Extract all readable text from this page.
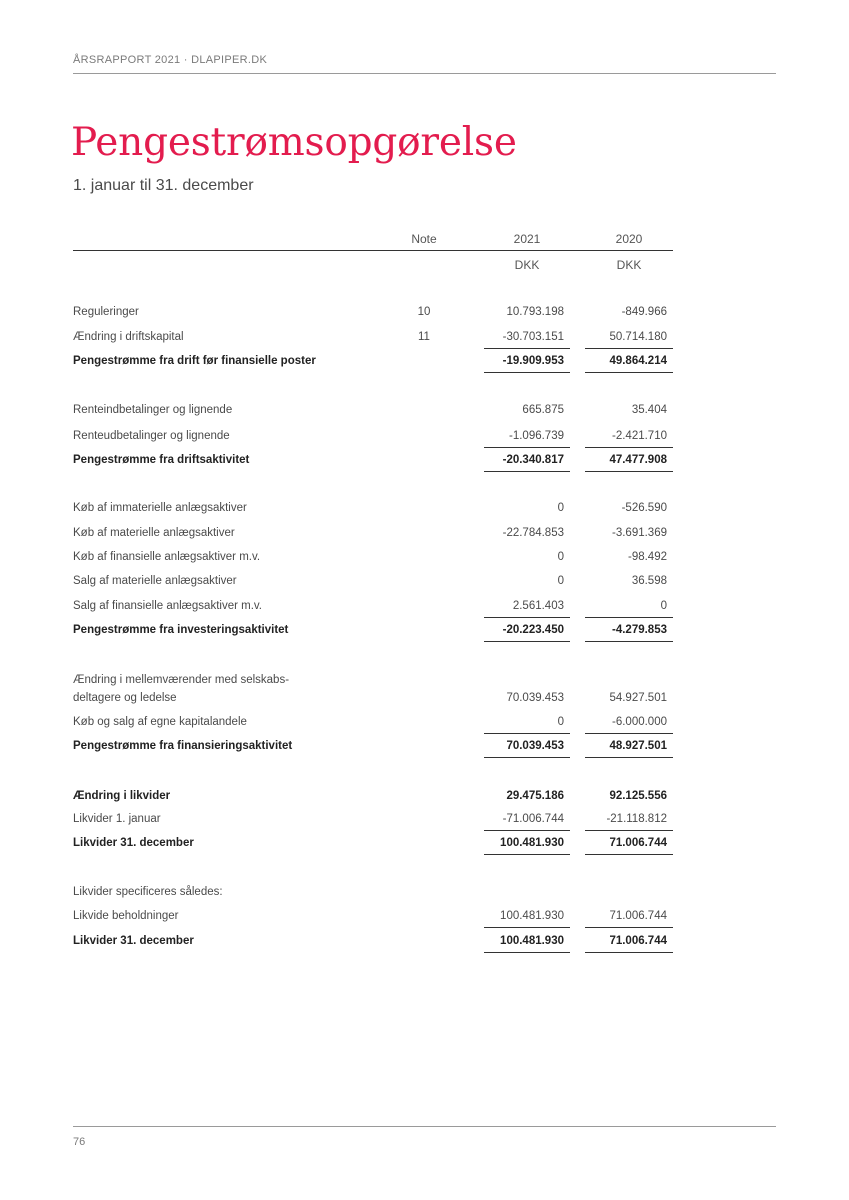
ÅRSRAPPORT 2021 · DLAPIPER.DK
Pengestrømsopgørelse
1. januar til 31. december
Note	2021	2020
DKK	DKK
Reguleringer	10	10.793.198	-849.966
Ændring i driftskapital	11	-30.703.151	50.714.180
Pengestrømme fra drift før finansielle poster	-19.909.953	49.864.214
Renteindbetalinger og lignende	665.875	35.404
Renteudbetalinger og lignende	-1.096.739	-2.421.710
Pengestrømme fra driftsaktivitet	-20.340.817	47.477.908
Køb af immaterielle anlægsaktiver	0	-526.590
Køb af materielle anlægsaktiver	-22.784.853	-3.691.369
Køb af finansielle anlægsaktiver m.v.	0	-98.492
Salg af materielle anlægsaktiver	0	36.598
Salg af finansielle anlægsaktiver m.v.	2.561.403	0
Pengestrømme fra investeringsaktivitet	-20.223.450	-4.279.853
Ændring i mellemværender med selskabs-
deltagere og ledelse	70.039.453	54.927.501
Køb og salg af egne kapitalandele	0	-6.000.000
Pengestrømme fra finansieringsaktivitet	70.039.453	48.927.501
Ændring i likvider	29.475.186	92.125.556
Likvider 1. januar	-71.006.744	-21.118.812
Likvider 31. december	100.481.930	71.006.744
Likvider specificeres således:
Likvide beholdninger	100.481.930	71.006.744
Likvider 31. december	100.481.930	71.006.744
76
